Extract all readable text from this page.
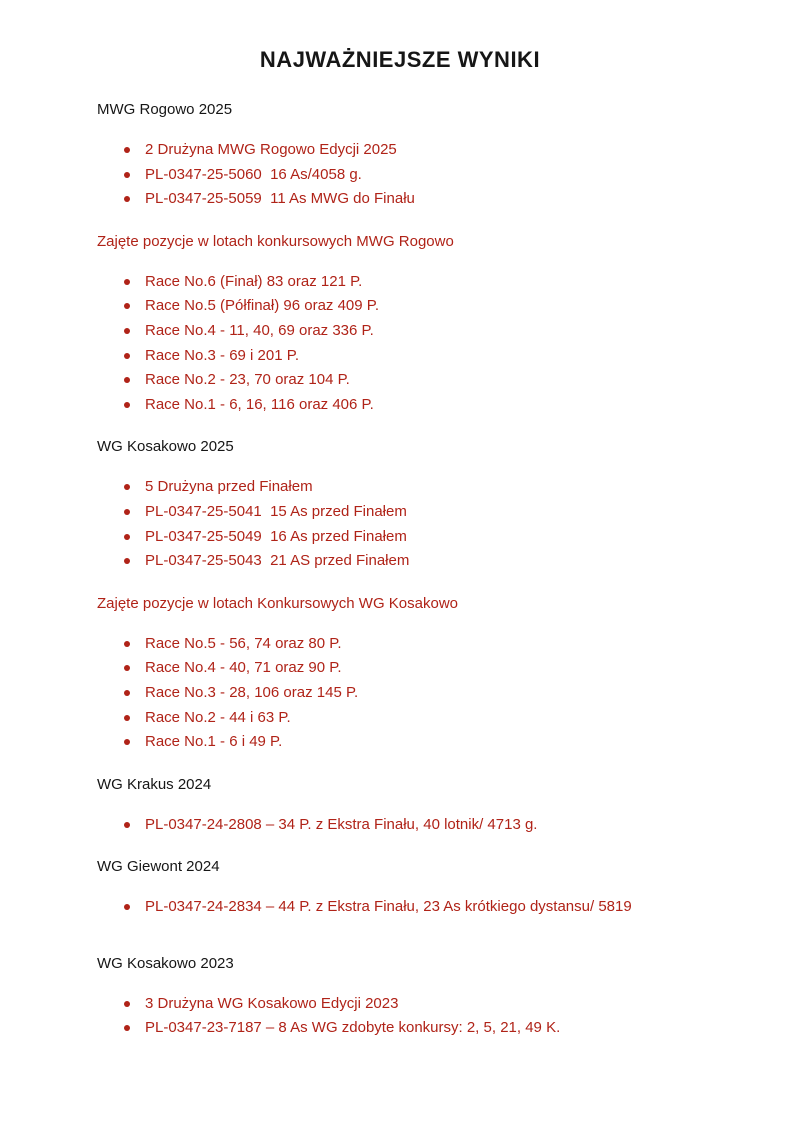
NAJWAŻNIEJSZE WYNIKI

MWG Rogowo 2025

2 Drużyna MWG Rogowo Edycji 2025
PL-0347-25-5060  16 As/4058 g.
PL-0347-25-5059  11 As MWG do Finału

Zajęte pozycje w lotach konkursowych MWG Rogowo

Race No.6 (Finał) 83 oraz 121 P.
Race No.5 (Półfinał) 96 oraz 409 P.
Race No.4 - 11, 40, 69 oraz 336 P.
Race No.3 - 69 i 201 P.
Race No.2 - 23, 70 oraz 104 P.
Race No.1 - 6, 16, 116 oraz 406 P.

WG Kosakowo 2025

5 Drużyna przed Finałem
PL-0347-25-5041  15 As przed Finałem
PL-0347-25-5049  16 As przed Finałem
PL-0347-25-5043  21 AS przed Finałem

Zajęte pozycje w lotach Konkursowych WG Kosakowo

Race No.5 - 56, 74 oraz 80 P.
Race No.4 - 40, 71 oraz 90 P.
Race No.3 - 28, 106 oraz 145 P.
Race No.2 - 44 i 63 P.
Race No.1 - 6 i 49 P.

WG Krakus 2024

PL-0347-24-2808 – 34 P. z Ekstra Finału, 40 lotnik/ 4713 g.

WG Giewont 2024

PL-0347-24-2834 – 44 P. z Ekstra Finału, 23 As krótkiego dystansu/ 5819

WG Kosakowo 2023

3 Drużyna WG Kosakowo Edycji 2023
PL-0347-23-7187 – 8 As WG zdobyte konkursy: 2, 5, 21, 49 K.
